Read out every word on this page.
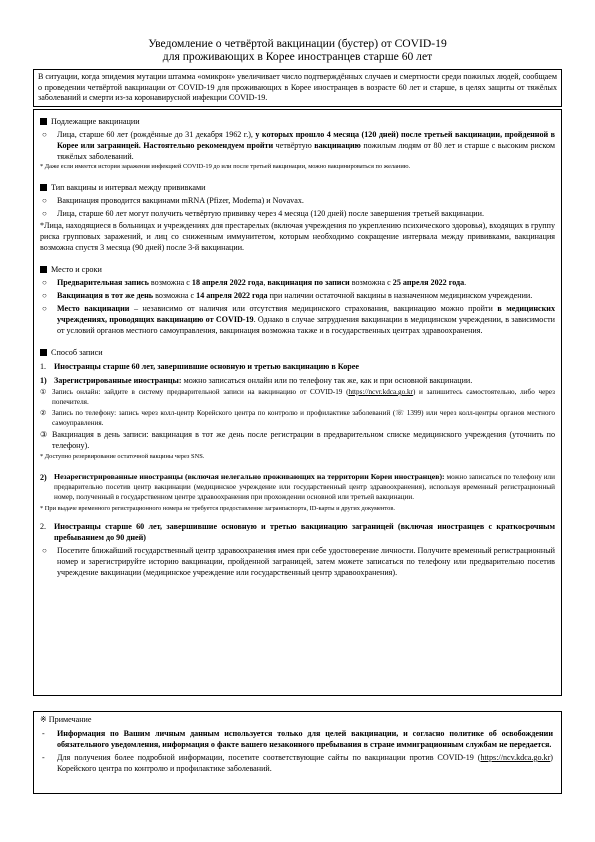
Уведомление о четвёртой вакцинации (бустер) от COVID-19
для проживающих в Корее иностранцев старше 60 лет
В ситуации, когда эпидемия мутации штамма «омикрон» увеличивает число подтверждённых случаев и смертности среди пожилых людей, сообщаем о проведении четвёртой вакцинации от COVID-19 для проживающих в Корее иностранцев в возрасте 60 лет и старше, в целях защиты от тяжёлых заболеваний и смерти из-за коронавирусной инфекции COVID-19.
Подлежащие вакцинации
○	Лица, старше 60 лет (рождённые до 31 декабря 1962 г.), у которых прошло 4 месяца (120 дней) после третьей вакцинации, пройденной в Корее или заграницей. Настоятельно рекомендуем пройти четвёртую вакцинацию пожилым людям от 80 лет и старше с высоким риском тяжёлых заболеваний.

* Даже если имеется история заражения инфекцией COVID-19 до или после третьей вакцинации, можно вакцинироваться по желанию.

Тип вакцины и интервал между прививками
○	Вакцинация проводится вакцинами mRNA (Pfizer, Moderna) и Novavax.
○	Лица, старше 60 лет могут получить четвёртую прививку через 4 месяца (120 дней) после завершения третьей вакцинации.

*Лица, находящиеся в больницах и учреждениях для престарелых (включая учреждения по укреплению психического здоровья), входящих в группу риска групповых заражений, и лиц со сниженным иммунитетом, которым необходимо сокращение интервала между прививками, вакцинация возможна спустя 3 месяца (90 дней) после 3-й вакцинации.

Место и сроки
○	Предварительная запись возможна с 18 апреля 2022 года, вакцинация по записи возможна с 25 апреля 2022 года.
○	Вакцинация в тот же день возможна с 14 апреля 2022 года при наличии остаточной вакцины в назначенном медицинском учреждении.
○	Место вакцинации – независимо от наличия или отсутствия медицинского страхования, вакцинацию можно пройти в медицинских учреждениях, проводящих вакцинацию от COVID-19. Однако в случае затруднения вакцинации в медицинском учреждении, в зависимости от условий органов местного самоуправления, вакцинация возможна также и в государственных центрах здравоохранения.
Способ записи
1. Иностранцы старше 60 лет, завершившие основную и третью вакцинацию в Корее
1) Зарегистрированные иностранцы: можно записаться онлайн или по телефону так же, как и при основной вакцинации.
① Запись онлайн: зайдите в систему предварительной записи на вакцинацию от COVID-19 (https://ncvr.kdca.go.kr) и запишитесь самостоятельно, либо через попечителя.
② Запись по телефону: запись через колл-центр Корейского центра по контролю и профилактике заболеваний (☏ 1399) или через колл-центры органов местного самоуправления.
③ Вакцинация в день записи: вакцинация в тот же день после регистрации в предварительном списке медицинского учреждения (уточнить по телефону).

* Доступно резервирование остаточной вакцины через SNS.

2) Незарегистрированные иностранцы (включая нелегально проживающих на территории Кореи иностранцев): можно записаться по телефону или предварительно посетив центр вакцинации (медицинское учреждение или государственный центр здравоохранения), используя временный регистрационный номер, полученный в государственном центре здравоохранения при прохождении основной или третьей вакцинации.

* При выдаче временного регистрационного номера не требуется предоставление загранпаспорта, ID-карты и других документов.

2. Иностранцы старше 60 лет, завершившие основную и третью вакцинацию заграницей (включая иностранцев с краткосрочным пребыванием до 90 дней)
○	Посетите ближайший государственный центр здравоохранения имея при себе удостоверение личности. Получите временный регистрационный номер и зарегистрируйте историю вакцинации, пройденной заграницей, затем можете записаться по телефону или предварительно посетив учреждение вакцинации (медицинское учреждение или государственный центр здравоохранения).
※ Примечание
-	Информация по Вашим личным данным используется только для целей вакцинации, и согласно политике об освобождении обязательного уведомления, информация о факте вашего незаконного пребывания в стране иммиграционным службам не передается.
-	Для получения более подробной информации, посетите соответствующие сайты по вакцинации против COVID-19 (https://ncv.kdca.go.kr) Корейского центра по контролю и профилактике заболеваний.
